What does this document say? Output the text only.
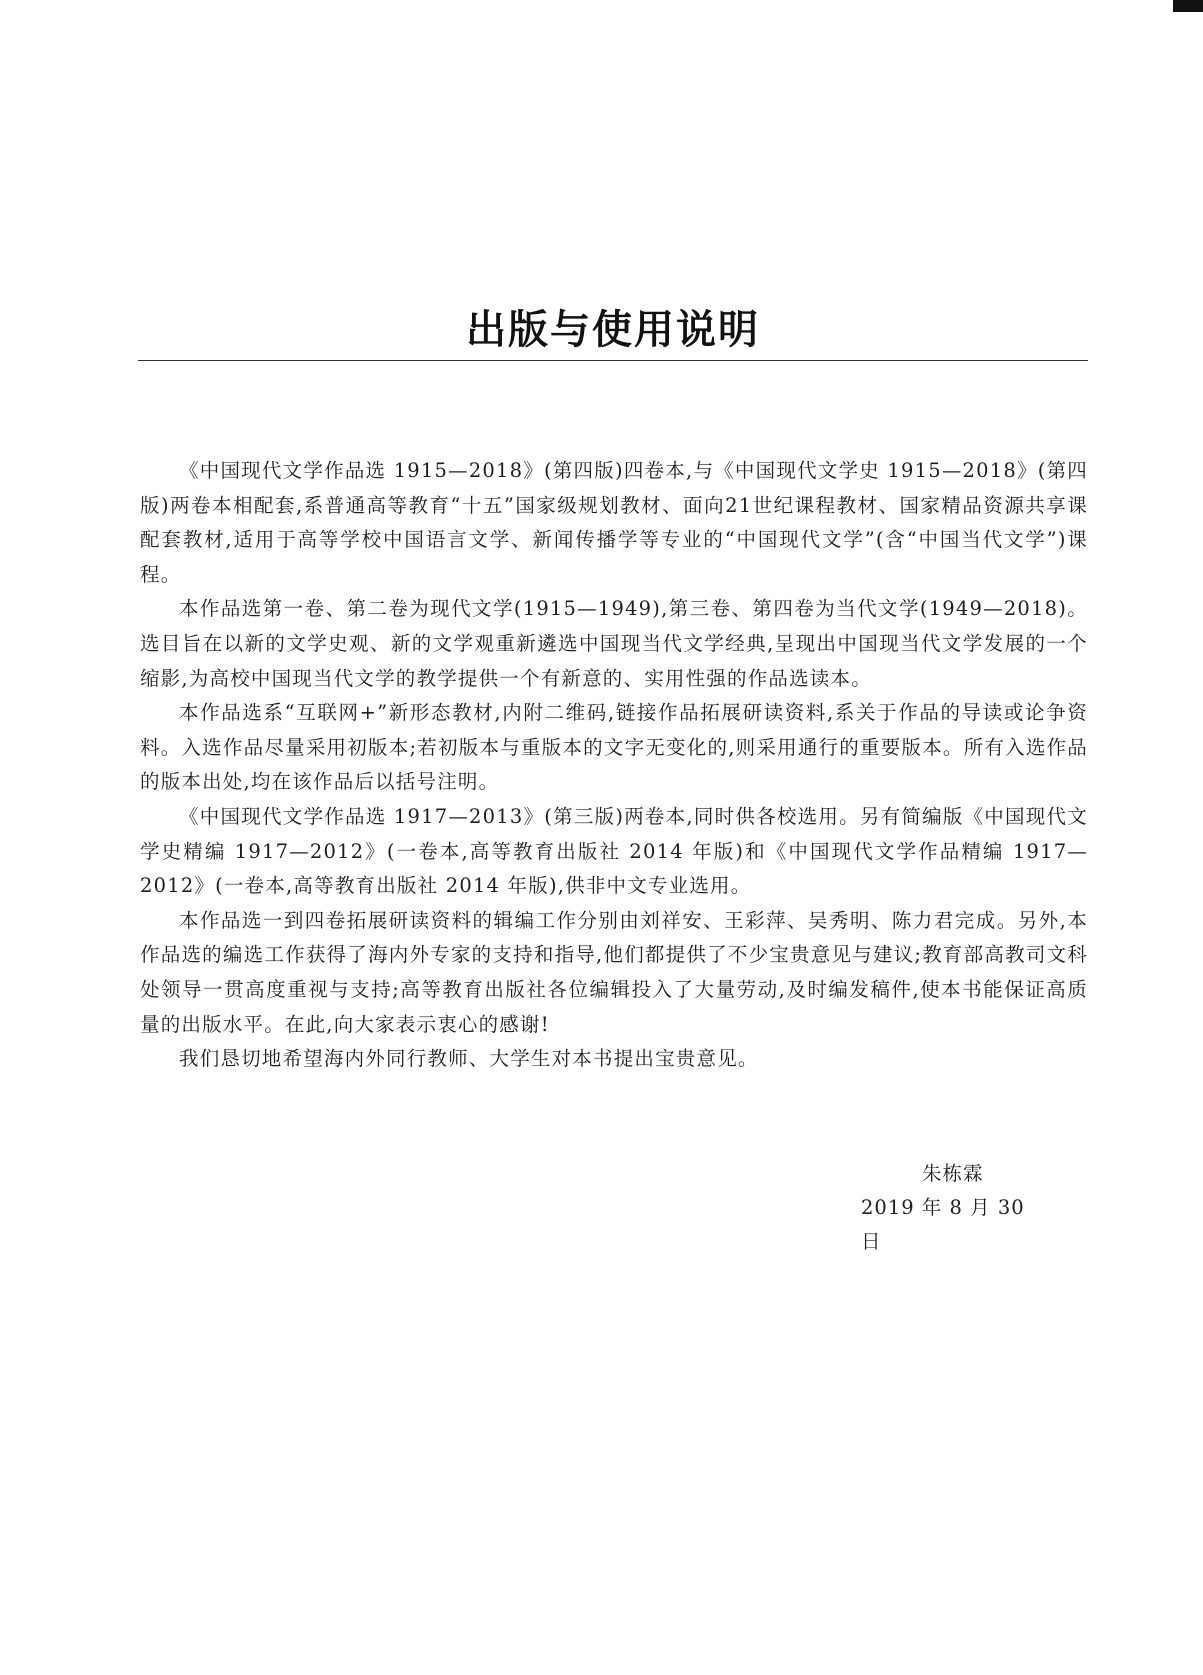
出版与使用说明

《中国现代文学作品选 1915—2018》(第四版)四卷本,与《中国现代文学史 1915—2018》(第四版)两卷本相配套,系普通高等教育“十五”国家级规划教材、面向21世纪课程教材、国家精品资源共享课配套教材,适用于高等学校中国语言文学、新闻传播学等专业的“中国现代文学”(含“中国当代文学”)课程。

本作品选第一卷、第二卷为现代文学(1915—1949),第三卷、第四卷为当代文学(1949—2018)。选目旨在以新的文学史观、新的文学观重新遴选中国现当代文学经典,呈现出中国现当代文学发展的一个缩影,为高校中国现当代文学的教学提供一个有新意的、实用性强的作品选读本。

本作品选系“互联网+”新形态教材,内附二维码,链接作品拓展研读资料,系关于作品的导读或论争资料。入选作品尽量采用初版本;若初版本与重版本的文字无变化的,则采用通行的重要版本。所有入选作品的版本出处,均在该作品后以括号注明。

《中国现代文学作品选 1917—2013》(第三版)两卷本,同时供各校选用。另有简编版《中国现代文学史精编 1917—2012》(一卷本,高等教育出版社 2014 年版)和《中国现代文学作品精编 1917—2012》(一卷本,高等教育出版社 2014 年版),供非中文专业选用。

本作品选一到四卷拓展研读资料的辑编工作分别由刘祥安、王彩萍、吴秀明、陈力君完成。另外,本作品选的编选工作获得了海内外专家的支持和指导,他们都提供了不少宝贵意见与建议;教育部高教司文科处领导一贯高度重视与支持;高等教育出版社各位编辑投入了大量劳动,及时编发稿件,使本书能保证高质量的出版水平。在此,向大家表示衷心的感谢!

我们恳切地希望海内外同行教师、大学生对本书提出宝贵意见。

朱栋霖
2019 年 8 月 30 日
